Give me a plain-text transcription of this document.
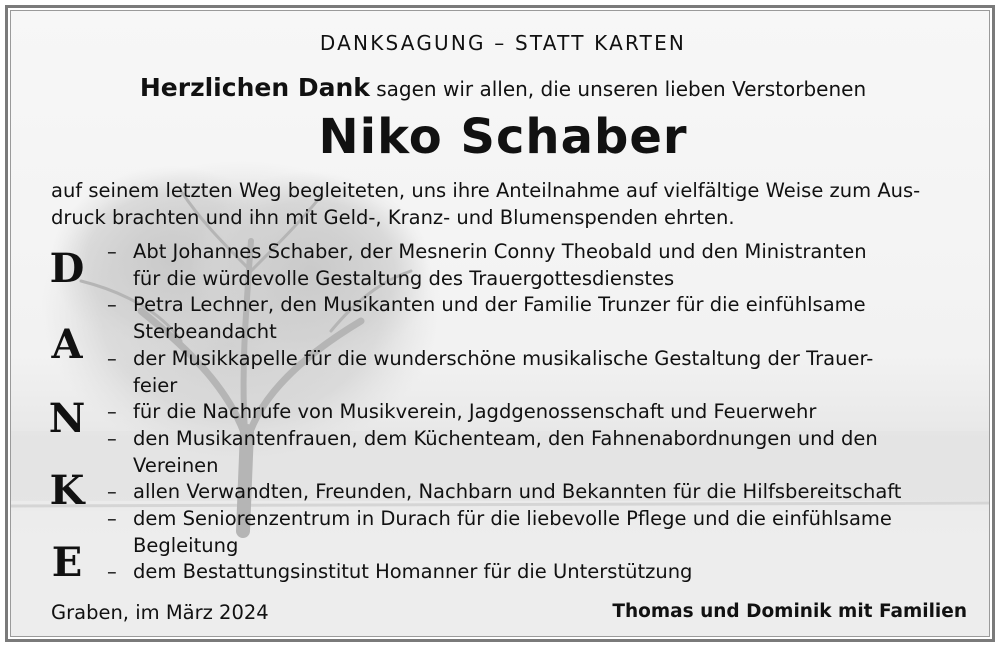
DANKSAGUNG – STATT KARTEN
Herzlichen Dank sagen wir allen, die unseren lieben Verstorbenen
Niko Schaber
auf seinem letzten Weg begleiteten, uns ihre Anteilnahme auf vielfältige Weise zum Aus-
druck brachten und ihn mit Geld-, Kranz- und Blumenspenden ehrten.
D
A
N
K
E
– Abt Johannes Schaber, der Mesnerin Conny Theobald und den Ministranten
für die würdevolle Gestaltung des Trauergottesdienstes
– Petra Lechner, den Musikanten und der Familie Trunzer für die einfühlsame
Sterbeandacht
– der Musikkapelle für die wunderschöne musikalische Gestaltung der Trauer-
feier
– für die Nachrufe von Musikverein, Jagdgenossenschaft und Feuerwehr
– den Musikantenfrauen, dem Küchenteam, den Fahnenabordnungen und den
Vereinen
– allen Verwandten, Freunden, Nachbarn und Bekannten für die Hilfsbereitschaft
– dem Seniorenzentrum in Durach für die liebevolle Pflege und die einfühlsame
Begleitung
– dem Bestattungsinstitut Homanner für die Unterstützung
Graben, im März 2024	Thomas und Dominik mit Familien
